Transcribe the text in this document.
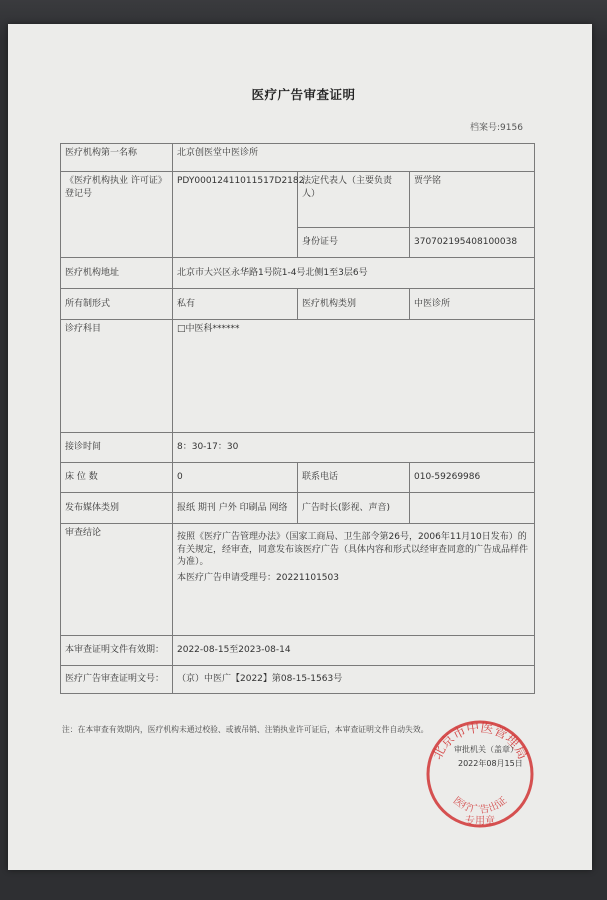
医疗广告审查证明
档案号:9156
医疗机构第一名称	北京创医堂中医诊所		
《医疗机构执业 许可证》登记号	PDY00012411011517D2182	法定代表人（主要负责人）	贾学铭
		身份证号	370702195408100038
医疗机构地址	北京市大兴区永华路1号院1-4号北侧1至3层6号		
所有制形式	私有	医疗机构类别	中医诊所
诊疗科目	□中医科******		
接诊时间	8：30-17：30		
床 位 数	0	联系电话	010-59269986
发布媒体类别	报纸 期刊 户外 印刷品 网络	广告时长(影视、声音)	
审查结论	按照《医疗广告管理办法》（国家工商局、卫生部令第26号，2006年11月10日发布）的有关规定，经审查，同意发布该医疗广告（具体内容和形式以经审查同意的广告成品样件为准）。
本医疗广告申请受理号：20221101503		

本审查证明文件有效期：	2022-08-15至2023-08-14		
医疗广告审查证明文号：	（京）中医广【2022】第08-15-1563号		
注：在本审查有效期内，医疗机构未通过校验、或被吊销、注销执业许可证后，本审查证明文件自动失效。
北京市中医管理局
医疗广告出证
专用章
审批机关（盖章）
2022年08月15日
